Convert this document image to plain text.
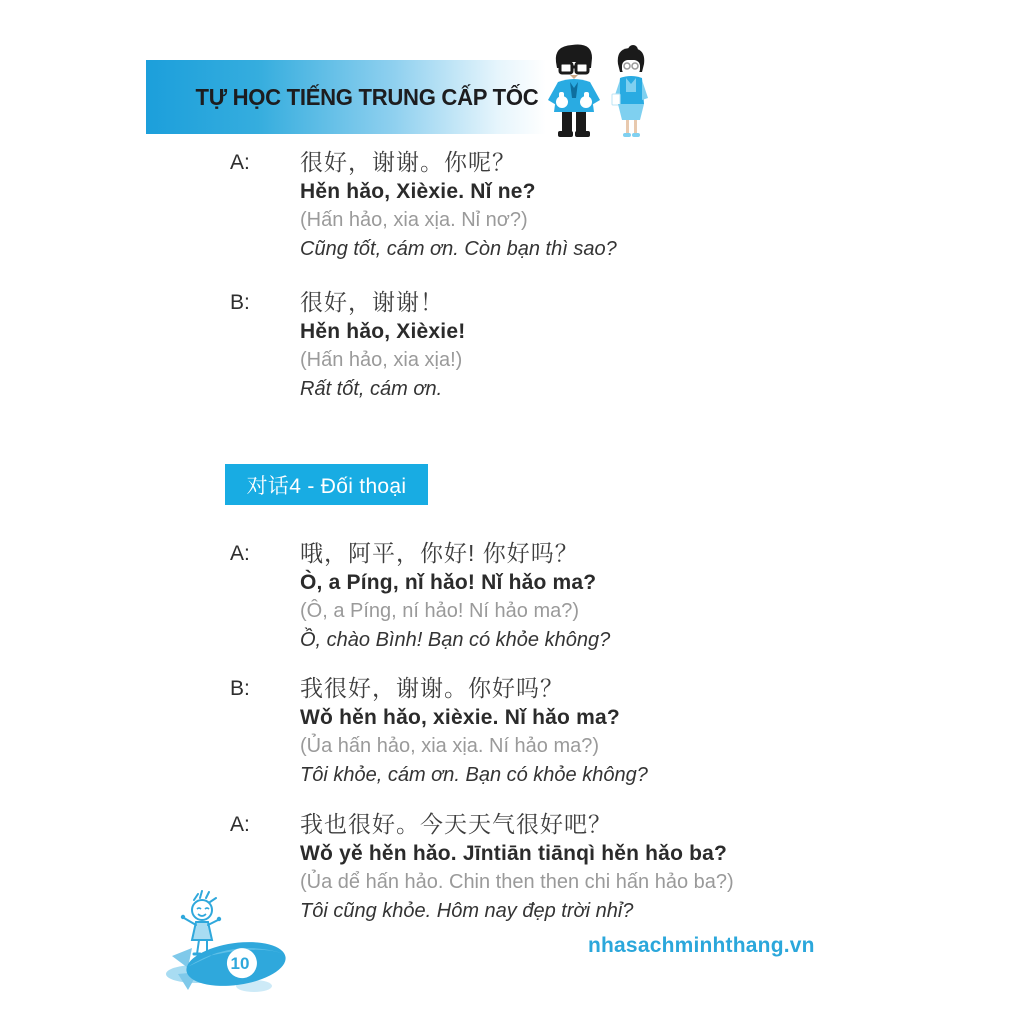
TỰ HỌC TIẾNG TRUNG CẤP TỐC
A:	很好，谢谢。你呢？
Hěn hǎo, Xièxie. Nǐ ne?
(Hấn hảo, xia xịa. Nỉ nơ?)
Cũng tốt, cám ơn. Còn bạn thì sao?
B:	很好，谢谢！
Hěn hǎo, Xièxie!
(Hấn hảo, xia xịa!)
Rất tốt, cám ơn.
对话4 - Đối thoại
A:	哦，阿平，你好! 你好吗？
Ò, a Píng, nǐ hǎo! Nǐ hǎo ma?
(Ô, a Píng, ní hảo! Ní hảo ma?)
Ồ, chào Bình! Bạn có khỏe không?
B:	我很好，谢谢。你好吗？
Wǒ hěn hǎo, xièxie. Nǐ hǎo ma?
(Ủa hấn hảo, xia xịa. Ní hảo ma?)
Tôi khỏe, cám ơn. Bạn có khỏe không?
A:	我也很好。今天天气很好吧？
Wǒ yě hěn hǎo. Jīntiān tiānqì hěn hǎo ba?
(Ủa dể hấn hảo. Chin then then chi hấn hảo ba?)
Tôi cũng khỏe. Hôm nay đẹp trời nhỉ?
10
nhasachminhthang.vn
